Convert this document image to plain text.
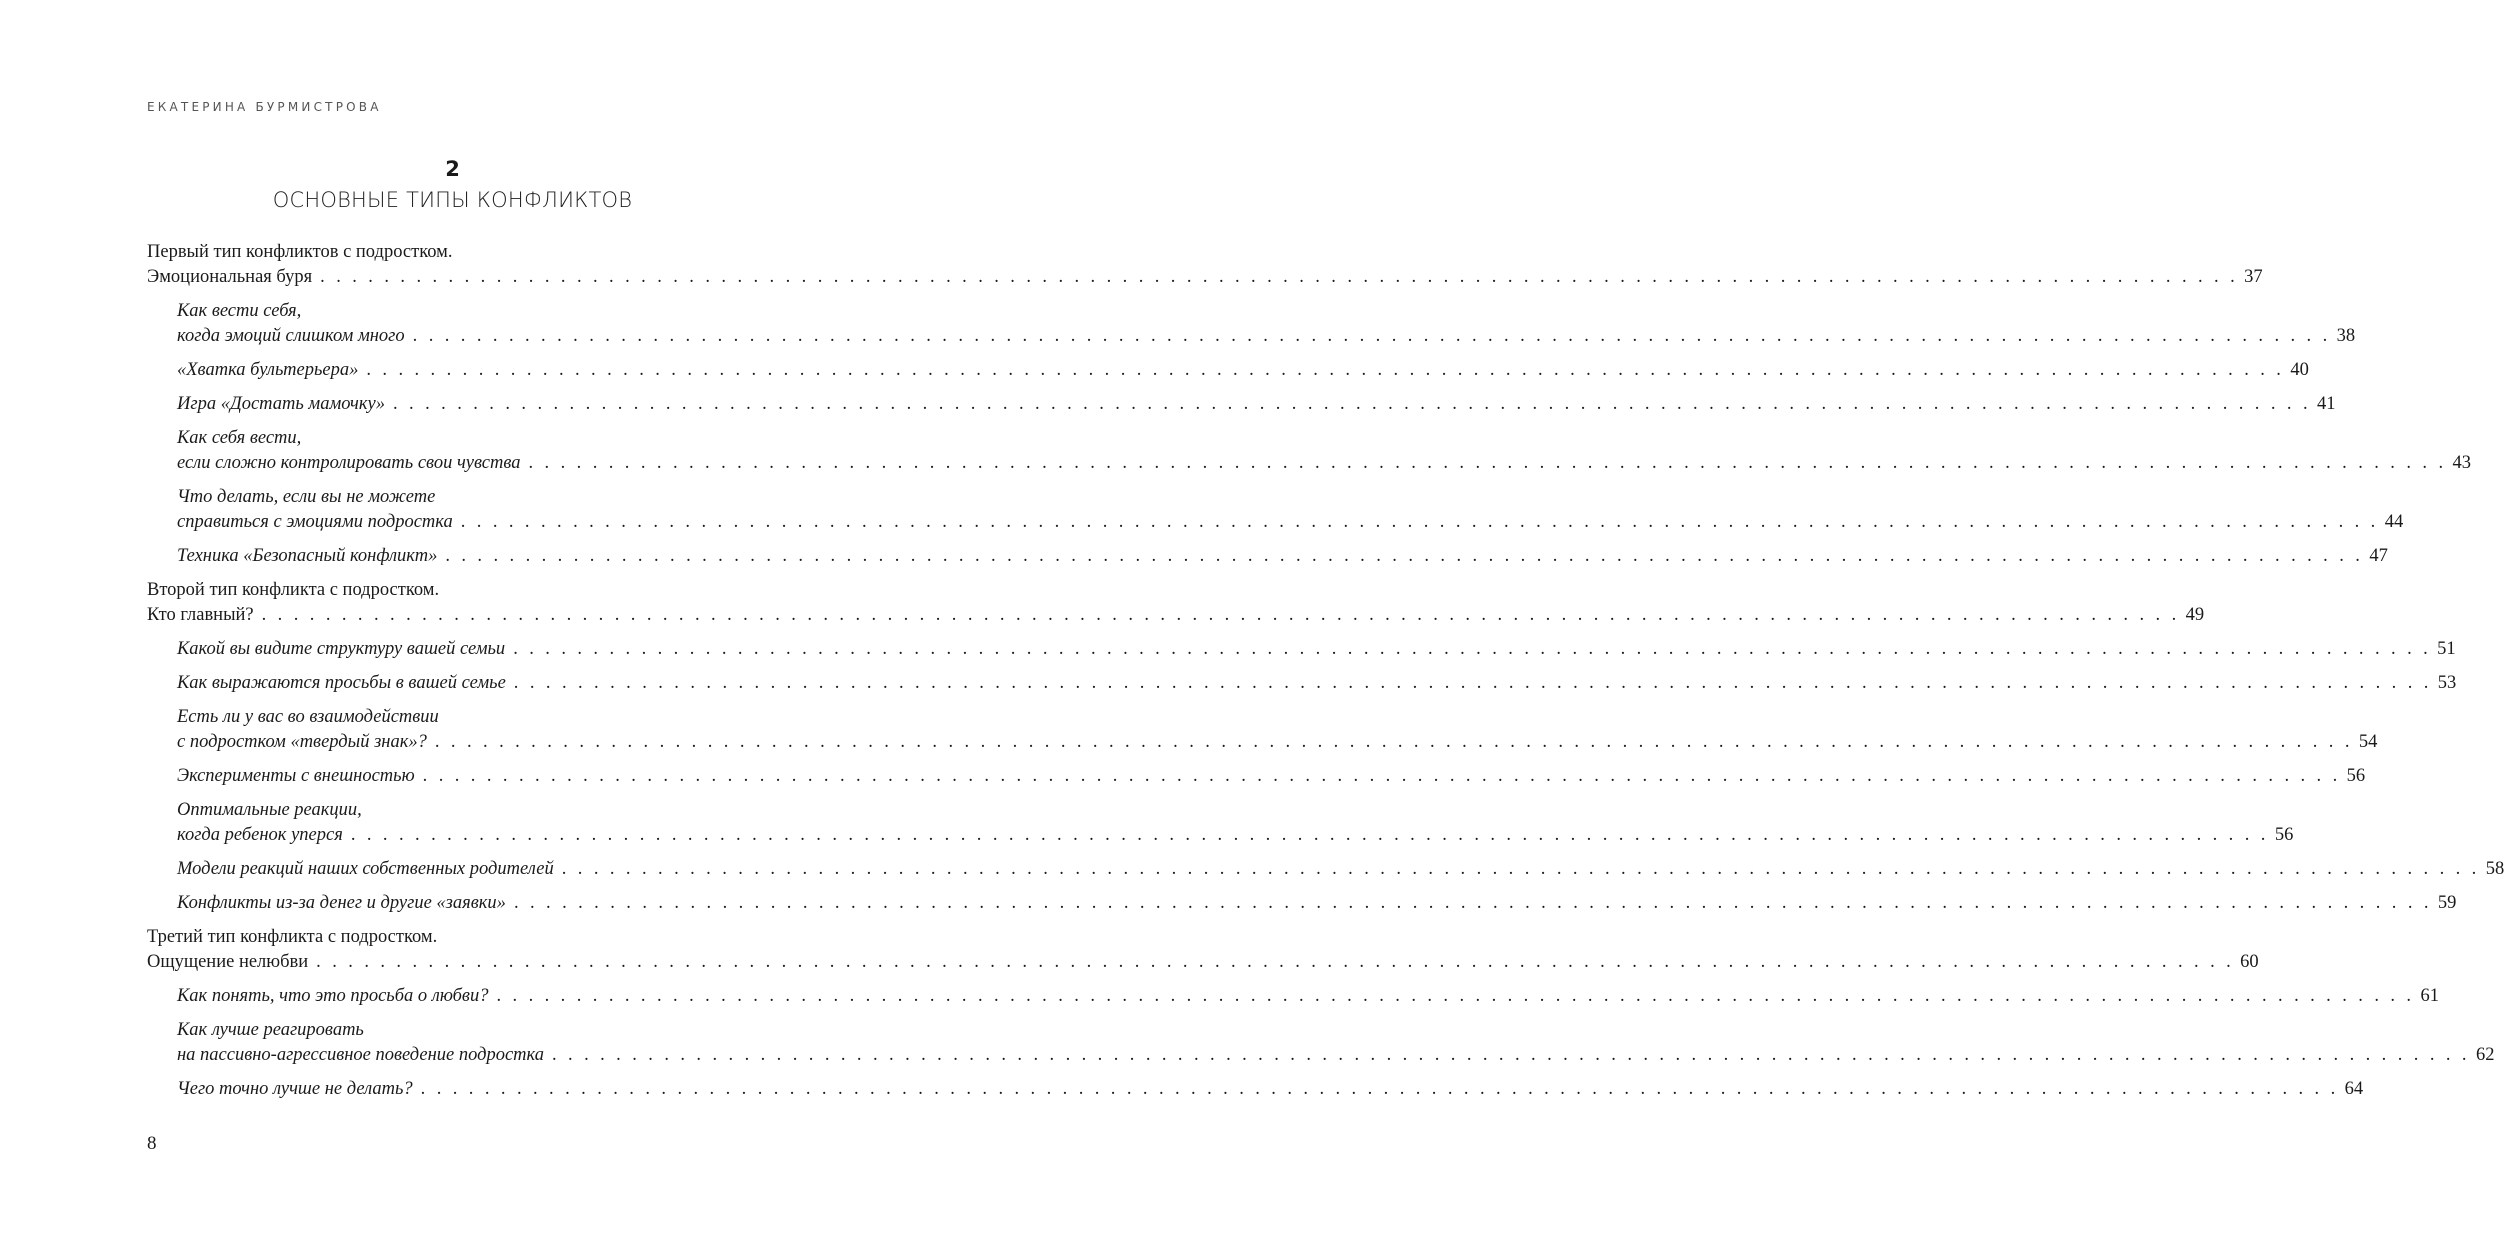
ЕКАТЕРИНА БУРМИСТРОВА
2
ОСНОВНЫЕ ТИПЫ КОНФЛИКТОВ
Первый тип конфликтов с подростком.
Эмоциональная буря . . . . . . . . . . . . . . . . . . . . . . . . . . . . . . . . . . . . . . . . . . . . . . . . . . . . . . . . . . . . . . . . . . . . . . . . . . . . . . . . . . . . . . . . . . . . . . . . . . . . . . . . . . . . . . . . . . . . . . . . 37
Как вести себя,
когда эмоций слишком много . . . . . . . . . . . . . . . . . . . . . . . . . . . . . . . . . . . . . . . . . . . . . . . . . . . . . . . . . . . . . . . . . . . . . . . . . . . . . . . . . . . . . . . . . . . . . . . . . . . . . . . . . . . . . . . . . . . . . . . . 38
«Хватка бультерьера» . . . . . . . . . . . . . . . . . . . . . . . . . . . . . . . . . . . . . . . . . . . . . . . . . . . . . . . . . . . . . . . . . . . . . . . . . . . . . . . . . . . . . . . . . . . . . . . . . . . . . . . . . . . . . . . . . . . . . . . . 40
Игра «Достать мамочку» . . . . . . . . . . . . . . . . . . . . . . . . . . . . . . . . . . . . . . . . . . . . . . . . . . . . . . . . . . . . . . . . . . . . . . . . . . . . . . . . . . . . . . . . . . . . . . . . . . . . . . . . . . . . . . . . . . . . . . . . 41
Как себя вести,
если сложно контролировать свои чувства . . . . . . . . . . . . . . . . . . . . . . . . . . . . . . . . . . . . . . . . . . . . . . . . . . . . . . . . . . . . . . . . . . . . . . . . . . . . . . . . . . . . . . . . . . . . . . . . . . . . . . . . . . . . . . . . . . . . . . . . 43
Что делать, если вы не можете
справиться с эмоциями подростка . . . . . . . . . . . . . . . . . . . . . . . . . . . . . . . . . . . . . . . . . . . . . . . . . . . . . . . . . . . . . . . . . . . . . . . . . . . . . . . . . . . . . . . . . . . . . . . . . . . . . . . . . . . . . . . . . . . . . . . . 44
Техника «Безопасный конфликт» . . . . . . . . . . . . . . . . . . . . . . . . . . . . . . . . . . . . . . . . . . . . . . . . . . . . . . . . . . . . . . . . . . . . . . . . . . . . . . . . . . . . . . . . . . . . . . . . . . . . . . . . . . . . . . . . . . . . . . . . 47
Второй тип конфликта с подростком.
Кто главный? . . . . . . . . . . . . . . . . . . . . . . . . . . . . . . . . . . . . . . . . . . . . . . . . . . . . . . . . . . . . . . . . . . . . . . . . . . . . . . . . . . . . . . . . . . . . . . . . . . . . . . . . . . . . . . . . . . . . . . . . 49
Какой вы видите структуру вашей семьи . . . . . . . . . . . . . . . . . . . . . . . . . . . . . . . . . . . . . . . . . . . . . . . . . . . . . . . . . . . . . . . . . . . . . . . . . . . . . . . . . . . . . . . . . . . . . . . . . . . . . . . . . . . . . . . . . . . . . . . . 51
Как выражаются просьбы в вашей семье . . . . . . . . . . . . . . . . . . . . . . . . . . . . . . . . . . . . . . . . . . . . . . . . . . . . . . . . . . . . . . . . . . . . . . . . . . . . . . . . . . . . . . . . . . . . . . . . . . . . . . . . . . . . . . . . . . . . . . . . 53
Есть ли у вас во взаимодействии
с подростком «твердый знак»? . . . . . . . . . . . . . . . . . . . . . . . . . . . . . . . . . . . . . . . . . . . . . . . . . . . . . . . . . . . . . . . . . . . . . . . . . . . . . . . . . . . . . . . . . . . . . . . . . . . . . . . . . . . . . . . . . . . . . . . . 54
Эксперименты с внешностью . . . . . . . . . . . . . . . . . . . . . . . . . . . . . . . . . . . . . . . . . . . . . . . . . . . . . . . . . . . . . . . . . . . . . . . . . . . . . . . . . . . . . . . . . . . . . . . . . . . . . . . . . . . . . . . . . . . . . . . . 56
Оптимальные реакции,
когда ребенок уперся . . . . . . . . . . . . . . . . . . . . . . . . . . . . . . . . . . . . . . . . . . . . . . . . . . . . . . . . . . . . . . . . . . . . . . . . . . . . . . . . . . . . . . . . . . . . . . . . . . . . . . . . . . . . . . . . . . . . . . . . 56
Модели реакций наших собственных родителей . . . . . . . . . . . . . . . . . . . . . . . . . . . . . . . . . . . . . . . . . . . . . . . . . . . . . . . . . . . . . . . . . . . . . . . . . . . . . . . . . . . . . . . . . . . . . . . . . . . . . . . . . . . . . . . . . . . . . . . . 58
Конфликты из-за денег и другие «заявки» . . . . . . . . . . . . . . . . . . . . . . . . . . . . . . . . . . . . . . . . . . . . . . . . . . . . . . . . . . . . . . . . . . . . . . . . . . . . . . . . . . . . . . . . . . . . . . . . . . . . . . . . . . . . . . . . . . . . . . . . 59
Третий тип конфликта с подростком.
Ощущение нелюбви . . . . . . . . . . . . . . . . . . . . . . . . . . . . . . . . . . . . . . . . . . . . . . . . . . . . . . . . . . . . . . . . . . . . . . . . . . . . . . . . . . . . . . . . . . . . . . . . . . . . . . . . . . . . . . . . . . . . . . . . 60
Как понять, что это просьба о любви? . . . . . . . . . . . . . . . . . . . . . . . . . . . . . . . . . . . . . . . . . . . . . . . . . . . . . . . . . . . . . . . . . . . . . . . . . . . . . . . . . . . . . . . . . . . . . . . . . . . . . . . . . . . . . . . . . . . . . . . . 61
Как лучше реагировать
на пассивно-агрессивное поведение подростка . . . . . . . . . . . . . . . . . . . . . . . . . . . . . . . . . . . . . . . . . . . . . . . . . . . . . . . . . . . . . . . . . . . . . . . . . . . . . . . . . . . . . . . . . . . . . . . . . . . . . . . . . . . . . . . . . . . . . . . . 62
Чего точно лучше не делать? . . . . . . . . . . . . . . . . . . . . . . . . . . . . . . . . . . . . . . . . . . . . . . . . . . . . . . . . . . . . . . . . . . . . . . . . . . . . . . . . . . . . . . . . . . . . . . . . . . . . . . . . . . . . . . . . . . . . . . . . 64
8
